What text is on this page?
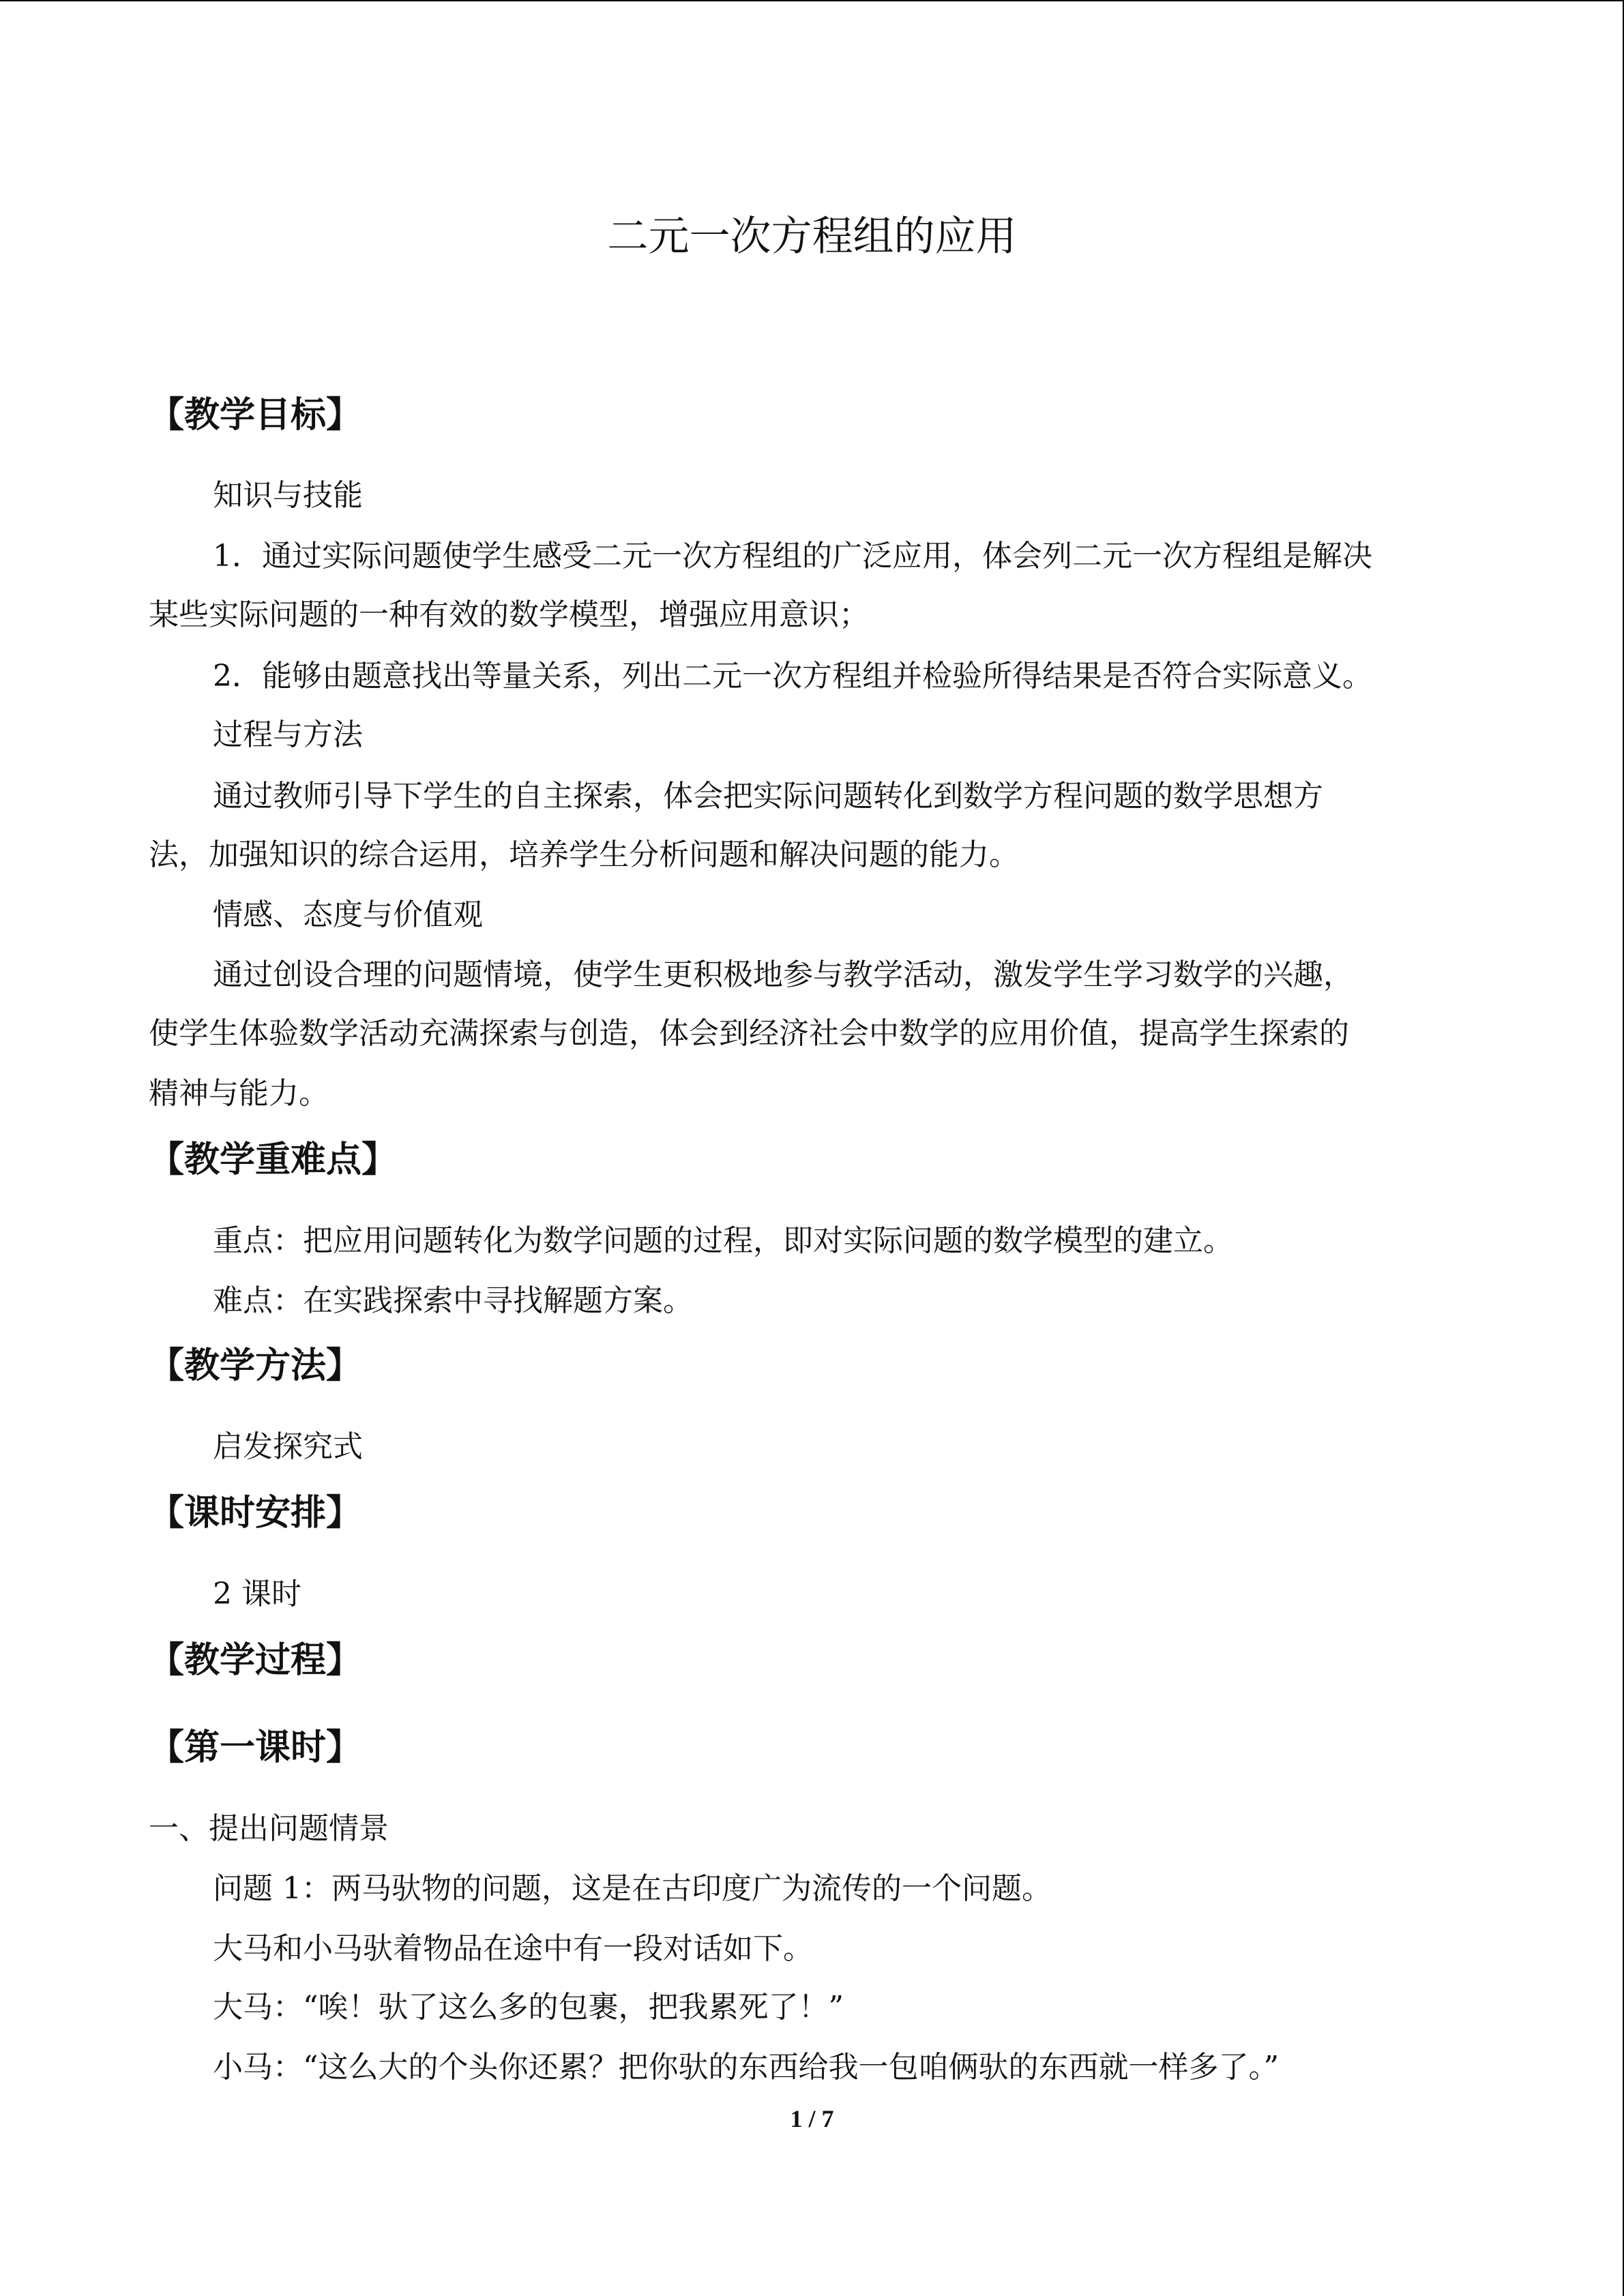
二元一次方程组的应用
【教学目标】
知识与技能
1．通过实际问题使学生感受二元一次方程组的广泛应用，体会列二元一次方程组是解决
某些实际问题的一种有效的数学模型，增强应用意识；
2．能够由题意找出等量关系，列出二元一次方程组并检验所得结果是否符合实际意义。
过程与方法
通过教师引导下学生的自主探索，体会把实际问题转化到数学方程问题的数学思想方
法，加强知识的综合运用，培养学生分析问题和解决问题的能力。
情感、态度与价值观
通过创设合理的问题情境，使学生更积极地参与教学活动，激发学生学习数学的兴趣，
使学生体验数学活动充满探索与创造，体会到经济社会中数学的应用价值，提高学生探索的
精神与能力。
【教学重难点】
重点：把应用问题转化为数学问题的过程，即对实际问题的数学模型的建立。
难点：在实践探索中寻找解题方案。
【教学方法】
启发探究式
【课时安排】
2 课时
【教学过程】
【第一课时】
一、提出问题情景
问题 1：两马驮物的问题，这是在古印度广为流传的一个问题。
大马和小马驮着物品在途中有一段对话如下。
大马：“唉！驮了这么多的包裹，把我累死了！”
小马：“这么大的个头你还累？把你驮的东西给我一包咱俩驮的东西就一样多了。”
1 / 7
